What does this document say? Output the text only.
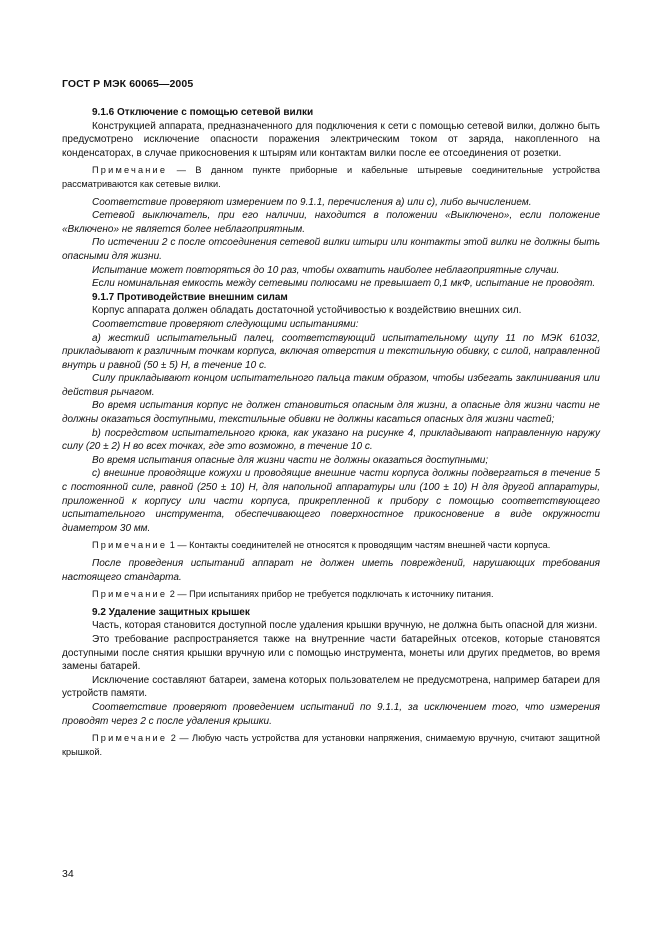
ГОСТ Р МЭК 60065—2005

9.1.6 Отключение с помощью сетевой вилки

Конструкцией аппарата, предназначенного для подключения к сети с помощью сетевой вилки, должно быть предусмотрено исключение опасности поражения электрическим током от заряда, накопленного на конденсаторах, в случае прикосновения к штырям или контактам вилки после ее отсоединения от розетки.

Примечание — В данном пункте приборные и кабельные штыревые соединительные устройства рассматриваются как сетевые вилки.

Соответствие проверяют измерением по 9.1.1, перечисления а) или с), либо вычислением.

Сетевой выключатель, при его наличии, находится в положении «Выключено», если положение «Включено» не является более неблагоприятным.

По истечении 2 с после отсоединения сетевой вилки штыри или контакты этой вилки не должны быть опасными для жизни.

Испытание может повторяться до 10 раз, чтобы охватить наиболее неблагоприятные случаи.

Если номинальная емкость между сетевыми полюсами не превышает 0,1 мкФ, испытание не проводят.

9.1.7 Противодействие внешним силам

Корпус аппарата должен обладать достаточной устойчивостью к воздействию внешних сил.

Соответствие проверяют следующими испытаниями:

а) жесткий испытательный палец, соответствующий испытательному щупу 11 по МЭК 61032, прикладывают к различным точкам корпуса, включая отверстия и текстильную обивку, с силой, направленной внутрь и равной (50 ± 5) Н, в течение 10 с.

Силу прикладывают концом испытательного пальца таким образом, чтобы избегать заклинивания или действия рычагом.

Во время испытания корпус не должен становиться опасным для жизни, а опасные для жизни части не должны оказаться доступными, текстильные обивки не должны касаться опасных для жизни частей;

b) посредством испытательного крюка, как указано на рисунке 4, прикладывают направленную наружу силу (20 ± 2) Н во всех точках, где это возможно, в течение 10 с.

Во время испытания опасные для жизни части не должны оказаться доступными;

с) внешние проводящие кожухи и проводящие внешние части корпуса должны подвергаться в течение 5 с постоянной силе, равной (250 ± 10) Н, для напольной аппаратуры или (100 ± 10) Н для другой аппаратуры, приложенной к корпусу или части корпуса, прикрепленной к прибору с помощью соответствующего испытательного инструмента, обеспечивающего поверхностное прикосновение в виде окружности диаметром 30 мм.

Примечание 1 — Контакты соединителей не относятся к проводящим частям внешней части корпуса.

После проведения испытаний аппарат не должен иметь повреждений, нарушающих требования настоящего стандарта.

Примечание 2 — При испытаниях прибор не требуется подключать к источнику питания.

9.2 Удаление защитных крышек

Часть, которая становится доступной после удаления крышки вручную, не должна быть опасной для жизни.

Это требование распространяется также на внутренние части батарейных отсеков, которые становятся доступными после снятия крышки вручную или с помощью инструмента, монеты или других предметов, во время замены батарей.

Исключение составляют батареи, замена которых пользователем не предусмотрена, например батареи для устройств памяти.

Соответствие проверяют проведением испытаний по 9.1.1, за исключением того, что измерения проводят через 2 с после удаления крышки.

Примечание 2 — Любую часть устройства для установки напряжения, снимаемую вручную, считают защитной крышкой.

34
